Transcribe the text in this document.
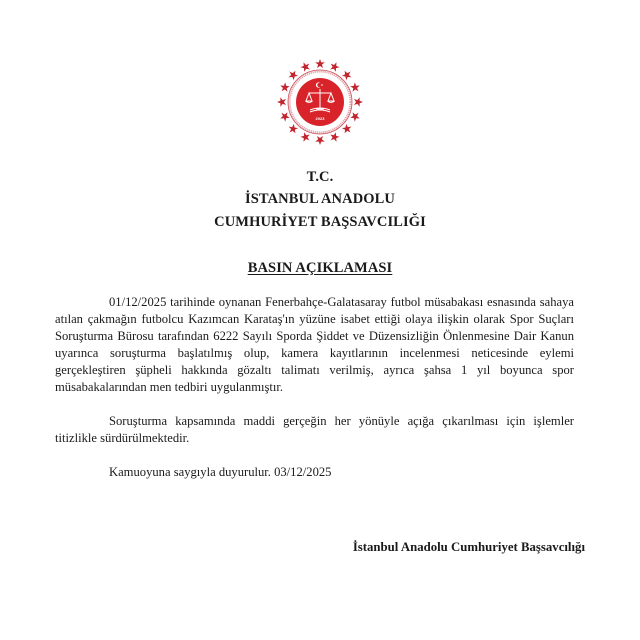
2023
T.C.
İSTANBUL ANADOLU
CUMHURİYET BAŞSAVCILIĞI
BASIN AÇIKLAMASI

01/12/2025 tarihinde oynanan Fenerbahçe-Galatasaray futbol müsabakası esnasında sahaya atılan çakmağın futbolcu Kazımcan Karataş'ın yüzüne isabet ettiği olaya ilişkin olarak Spor Suçları Soruşturma Bürosu tarafından 6222 Sayılı Sporda Şiddet ve Düzensizliğin Önlenmesine Dair Kanun uyarınca soruşturma başlatılmış olup, kamera kayıtlarının incelenmesi neticesinde eylemi gerçekleştiren şüpheli hakkında gözaltı talimatı verilmiş, ayrıca şahsa 1 yıl boyunca spor müsabakalarından men tedbiri uygulanmıştır.

Soruşturma kapsamında maddi gerçeğin her yönüyle açığa çıkarılması için işlemler titizlikle sürdürülmektedir.

Kamuoyuna saygıyla duyurulur. 03/12/2025

İstanbul Anadolu Cumhuriyet Başsavcılığı
